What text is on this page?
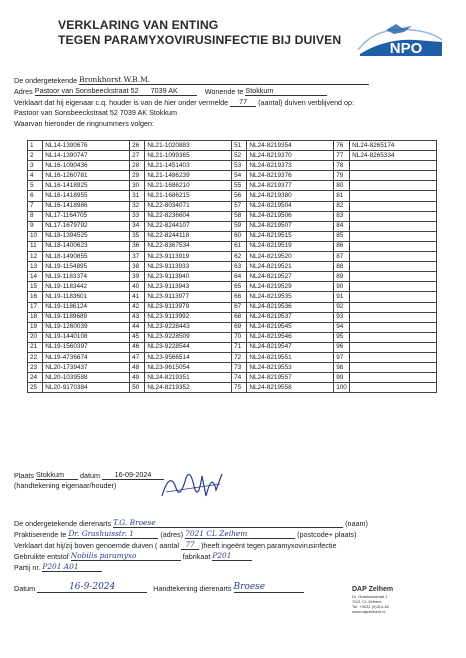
VERKLARING VAN ENTING
TEGEN PARAMYXOVIRUSINFECTIE BIJ DUIVEN	NPO
De ondergetekende Bronkhorst W.B.M.
Adres Pastoor van Sonsbeeckstraat 52 7039 AK	Wonende te Stokkum
Verklaart dat hij eigenaar c.q. houder is van de hier onder vermelde 77 (aantal) duiven verblijvend op:
Pastoor van Sonsbeeckstraat 52 7039 AK Stokkum
Waarvan hieronder de ringnummers volgen:
1	NL14-1390676	26	NL21-1020883	51	NL24-8219354	76	NL24-8265174
2	NL14-1390747	27	NL21-1099365	52	NL24-8219370	77	NL24-8265334
3	NL16-1090436	28	NL21-1451403	53	NL24-8219373	78	
4	NL16-1260781	29	NL21-1486239	54	NL24-8219376	79	
5	NL16-1418925	30	NL21-1686210	55	NL24-8219377	80	
6	NL16-1418955	31	NL21-1686215	56	NL24-8219380	81	
7	NL16-1418986	32	NL22-8034071	57	NL24-8219504	82	
8	NL17-1164705	33	NL22-8236604	58	NL24-8219506	83	
9	NL17-1679792	34	NL22-8244107	59	NL24-8219507	84	
10	NL18-1394525	35	NL22-8244118	60	NL24-8219515	85	
11	NL18-1400623	36	NL22-8367534	61	NL24-8219519	86	
12	NL18-1490855	37	NL23-9113919	62	NL24-8219520	87	
13	NL19-1154895	38	NL23-9113933	63	NL24-8219521	88	
14	NL19-1183374	39	NL23-9113940	64	NL24-8219527	89	
15	NL19-1183442	40	NL23-9113943	65	NL24-8219529	90	
16	NL19-1183601	41	NL23-9113977	66	NL24-8219535	91	
17	NL19-1186124	42	NL23-9113979	67	NL24-8219536	92	
18	NL19-1189689	43	NL23-9113992	68	NL24-8219537	93	
19	NL19-1260039	44	NL23-9228443	69	NL24-8219545	94	
20	NL19-1440108	45	NL23-9228509	70	NL24-8219546	95	
21	NL19-1560397	46	NL23-9228544	71	NL24-8219547	96	
22	NL19-4736674	47	NL23-9566514	72	NL24-8219551	97	
23	NL20-1739437	48	NL23-9615054	73	NL24-8219553	98	
24	NL20-1039588	49	NL24-8219351	74	NL24-8219557	99	
25	NL20-9170384	50	NL24-8219352	75	NL24-8219558	100	
Plaats Stokkum datum 16-09-2024
(handtekening eigenaar/houder)
De ondergetekende dierenarts T.G. Broese	(naam)
Praktiserende te Dr. Grashuisstr. 1	(adres) 7021 CL Zelhem	(postcode+ plaats)
Verklaart dat hij/zij boven genoemde duiven ( aantal 77 )heeft ingeënt tegen paramyxovirusinfectie
Gebruikte entstof Nobilis paramyxo	fabrikaat P201
Partij nr. P201 A01
Datum	16-9-2024	Handtekening dierenarts Broese	DAP Zelhem
Dr. Grashuisstraat 1
7021 CL Zelhem
Tel. +0031 (0)314-62
www.dapzelhem.nl
